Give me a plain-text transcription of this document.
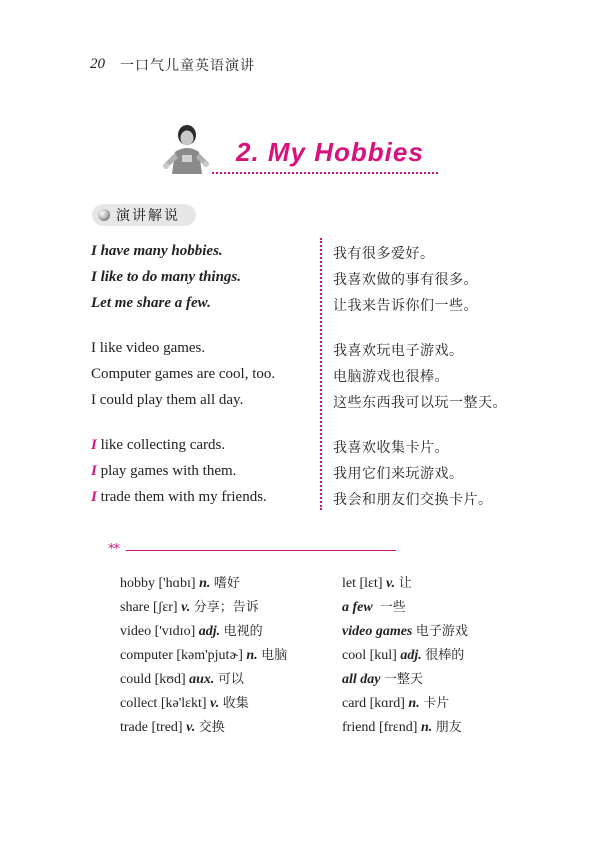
20 一口气儿童英语演讲
2. My Hobbies
演讲解说
I have many hobbies.
I like to do many things.
Let me share a few.
I like video games.
Computer games are cool, too.
I could play them all day.
I like collecting cards.
I play games with them.
I trade them with my friends.
我有很多爱好。
我喜欢做的事有很多。
让我来告诉你们一些。
我喜欢玩电子游戏。
电脑游戏也很棒。
这些东西我可以玩一整天。
我喜欢收集卡片。
我用它们来玩游戏。
我会和朋友们交换卡片。
**
hobby ['hɑbɪ] n. 嗜好
share [ʃɛr] v. 分享；告诉
video ['vɪdɪo] adj. 电视的
computer [kəm'pjutɚ] n. 电脑
could [kʊd] aux. 可以
collect [kə'lɛkt] v. 收集
trade [tred] v. 交换
let [lɛt] v. 让
a few 一些
video games 电子游戏
cool [kul] adj. 很棒的
all day 一整天
card [kɑrd] n. 卡片
friend [frɛnd] n. 朋友
